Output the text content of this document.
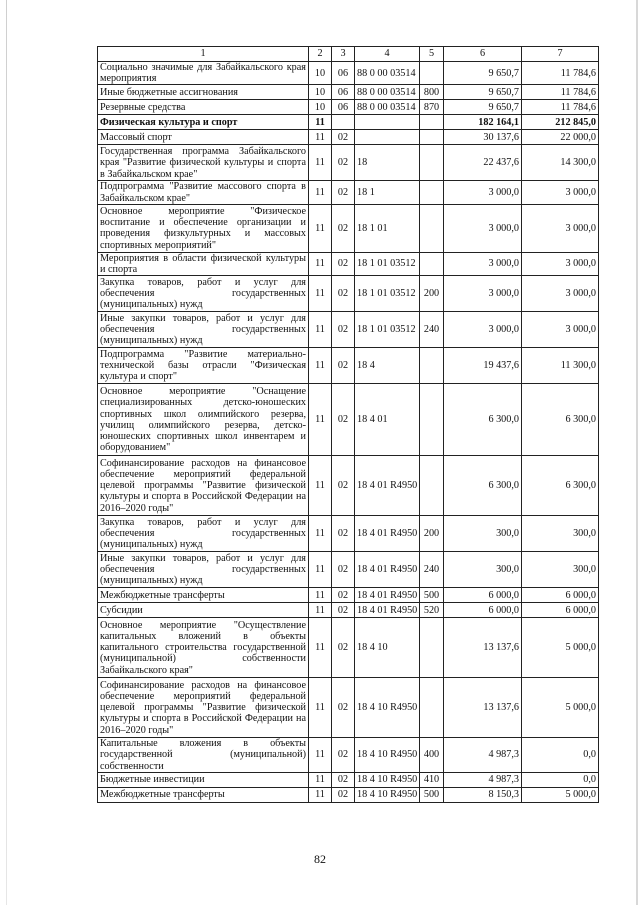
1	2	3	4	5	6	7
Социально значимые для Забайкальского края мероприятия	10	06	88 0 00 03514		9 650,7	11 784,6
Иные бюджетные ассигнования	10	06	88 0 00 03514	800	9 650,7	11 784,6
Резервные средства	10	06	88 0 00 03514	870	9 650,7	11 784,6
Физическая культура и спорт	11				182 164,1	212 845,0
Массовый спорт	11	02			30 137,6	22 000,0
Государственная программа Забайкальского края "Развитие физической культуры и спорта в Забайкальском крае"	11	02	18		22 437,6	14 300,0
Подпрограмма "Развитие массового спорта в Забайкальском крае"	11	02	18 1		3 000,0	3 000,0
Основное мероприятие "Физическое воспитание и обеспечение организации и проведения физкультурных и массовых спортивных мероприятий"	11	02	18 1 01		3 000,0	3 000,0
Мероприятия в области физической культуры и спорта	11	02	18 1 01 03512		3 000,0	3 000,0
Закупка товаров, работ и услуг для обеспечения государственных (муниципальных) нужд	11	02	18 1 01 03512	200	3 000,0	3 000,0
Иные закупки товаров, работ и услуг для обеспечения государственных (муниципальных) нужд	11	02	18 1 01 03512	240	3 000,0	3 000,0
Подпрограмма "Развитие материально-технической базы отрасли "Физическая культура и спорт"	11	02	18 4		19 437,6	11 300,0
Основное мероприятие "Оснащение специализированных детско-юношеских спортивных школ олимпийского резерва, училищ олимпийского резерва, детско-юношеских спортивных школ инвентарем и оборудованием"	11	02	18 4 01		6 300,0	6 300,0
Софинансирование расходов на финансовое обеспечение мероприятий федеральной целевой программы "Развитие физической культуры и спорта в Российской Федерации на 2016–2020 годы"	11	02	18 4 01 R4950		6 300,0	6 300,0
Закупка товаров, работ и услуг для обеспечения государственных (муниципальных) нужд	11	02	18 4 01 R4950	200	300,0	300,0
Иные закупки товаров, работ и услуг для обеспечения государственных (муниципальных) нужд	11	02	18 4 01 R4950	240	300,0	300,0
Межбюджетные трансферты	11	02	18 4 01 R4950	500	6 000,0	6 000,0
Субсидии	11	02	18 4 01 R4950	520	6 000,0	6 000,0
Основное мероприятие "Осуществление капитальных вложений в объекты капитального строительства государственной (муниципальной) собственности Забайкальского края"	11	02	18 4 10		13 137,6	5 000,0
Софинансирование расходов на финансовое обеспечение мероприятий федеральной целевой программы "Развитие физической культуры и спорта в Российской Федерации на 2016–2020 годы"	11	02	18 4 10 R4950		13 137,6	5 000,0
Капитальные вложения в объекты государственной (муниципальной) собственности	11	02	18 4 10 R4950	400	4 987,3	0,0
Бюджетные инвестиции	11	02	18 4 10 R4950	410	4 987,3	0,0
Межбюджетные трансферты	11	02	18 4 10 R4950	500	8 150,3	5 000,0
82
